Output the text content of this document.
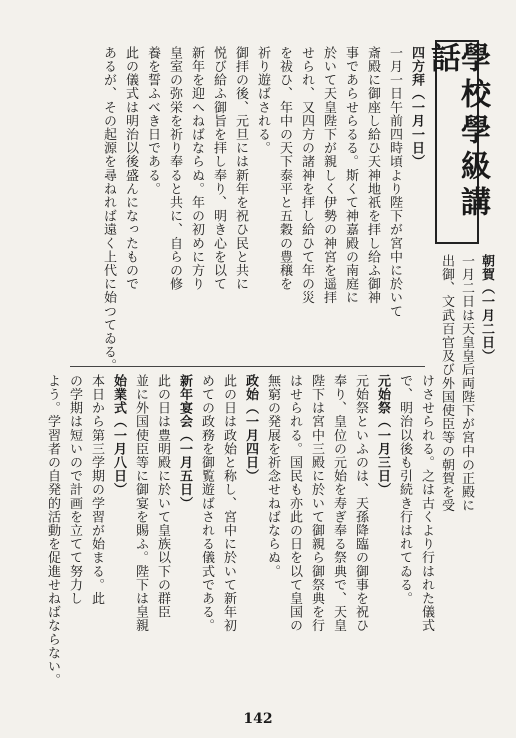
學校學級講話
四方拜（一月一日）
一月一日午前四時頃より陛下が宮中に於いて
斎殿に御座し給ひ天神地祇を拝し给ふ御神
事であらせらるる。斯くて神嘉殿の南庭に
於いて天皇陛下が親しく伊勢の神宮を遥拝
せられ、又四方の諸神を拝し給ひて年の災
を祓ひ、年中の天下泰平と五穀の豊穣を
祈り遊ばされる。
御拝の後、元旦には新年を祝ひ民と共に
悦び給ふ御旨を拝し奉り、明き心を以て
新年を迎へねばならぬ。年の初めに方り
皇室の弥栄を祈り奉ると共に、自らの修
養を誓ふべき日である。
此の儀式は明治以後盛んになったもので
あるが、その起源を尋ねれば遠く上代に始つてゐる。	朝賀（一月二日）
一月二日は天皇皇后両陛下が宮中の正殿に
出御、文武百官及び外国使臣等の朝賀を受
けさせられる。之は古くより行はれた儀式
で、明治以後も引続き行はれてゐる。
元始祭（一月三日）
元始祭といふのは、天孫降臨の御事を祝ひ
奉り、皇位の元始を寿ぎ奉る祭典で、天皇
陛下は宮中三殿に於いて御親ら御祭典を行
はせられる。国民も亦此の日を以て皇国の
無窮の発展を祈念せねばならぬ。
政始（一月四日）
此の日は政始と称し、宮中に於いて新年初
めての政務を御覧遊ばされる儀式である。
新年宴会（一月五日）
此の日は豊明殿に於いて皇族以下の群臣
並に外国使臣等に御宴を賜ふ。陛下は皇親
始業式（一月八日）
本日から第三学期の学習が始まる。此
の学期は短いので計画を立てて努力し
よう。学習者の自発的活動を促進せねばならない。
142
